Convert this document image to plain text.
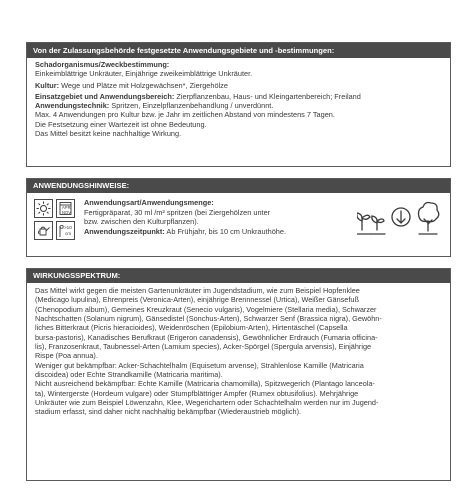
Von der Zulassungsbehörde festgesetzte Anwendungsgebiete und -bestimmungen:
Schadorganismus/Zweckbestimmung:
Einkeimblättrige Unkräuter, Einjährige zweikeimblättrige Unkräuter.
Kultur: Wege und Plätze mit Holzgewächsen*, Ziergehölze
Einsatzgebiet und Anwendungsbereich: Zierpflanzenbau, Haus- und Kleingartenbereich; Freiland
Anwendungstechnik: Spritzen, Einzelpflanzenbehandlung / unverdünnt.
Max. 4 Anwendungen pro Kultur bzw. je Jahr im zeitlichen Abstand von mindestens 7 Tagen.
Die Festsetzung einer Wartezeit ist ohne Bedeutung.
Das Mittel besitzt keine nachhaltige Wirkung.
ANWENDUNGSHINWEISE:
APR
NOV
>10
cm
Anwendungsart/Anwendungsmenge:
Fertigpräparat, 30 ml /m² spritzen (bei Ziergehölzen unter
bzw. zwischen den Kulturpflanzen).
Anwendungszeitpunkt: Ab Frühjahr, bis 10 cm Unkrauthöhe.
WIRKUNGSSPEKTRUM:
Das Mittel wirkt gegen die meisten Gartenunkräuter im Jugendstadium, wie zum Beispiel Hopfenklee
(Medicago lupulina), Ehrenpreis (Veronica-Arten), einjährige Brennnessel (Urtica), Weißer Gänsefuß
(Chenopodium album), Gemeines Kreuzkraut (Senecio vulgaris), Vogelmiere (Stellaria media), Schwarzer
Nachtschatten (Solanum nigrum), Gänsedistel (Sonchus-Arten), Schwarzer Senf (Brassica nigra), Gewöhn-
liches Bitterkraut (Picris hieracioides), Weidenröschen (Epilobium-Arten), Hirtentäschel (Capsella
bursa-pastoris), Kanadisches Berufkraut (Erigeron canadensis), Gewöhnlicher Erdrauch (Fumaria officina-
lis), Franzosenkraut, Taubnessel-Arten (Lamium species), Acker-Spörgel (Spergula arvensis), Einjährige
Rispe (Poa annua).
Weniger gut bekämpfbar: Acker-Schachtelhalm (Equisetum arvense), Strahlenlose Kamille (Matricaria
discoidea) oder Echte Strandkamille (Matricaria maritima).
Nicht ausreichend bekämpfbar: Echte Kamille (Matricaria chamomilla), Spitzwegerich (Plantago lanceola-
ta), Wintergerste (Hordeum vulgare) oder Stumpfblättriger Ampfer (Rumex obtusifolius). Mehrjährige
Unkräuter wie zum Beispiel Löwenzahn, Klee, Wegerichartern oder Schachtelhalm werden nur im Jugend-
stadium erfasst, sind daher nicht nachhaltig bekämpfbar (Wiederaustrieb möglich).
